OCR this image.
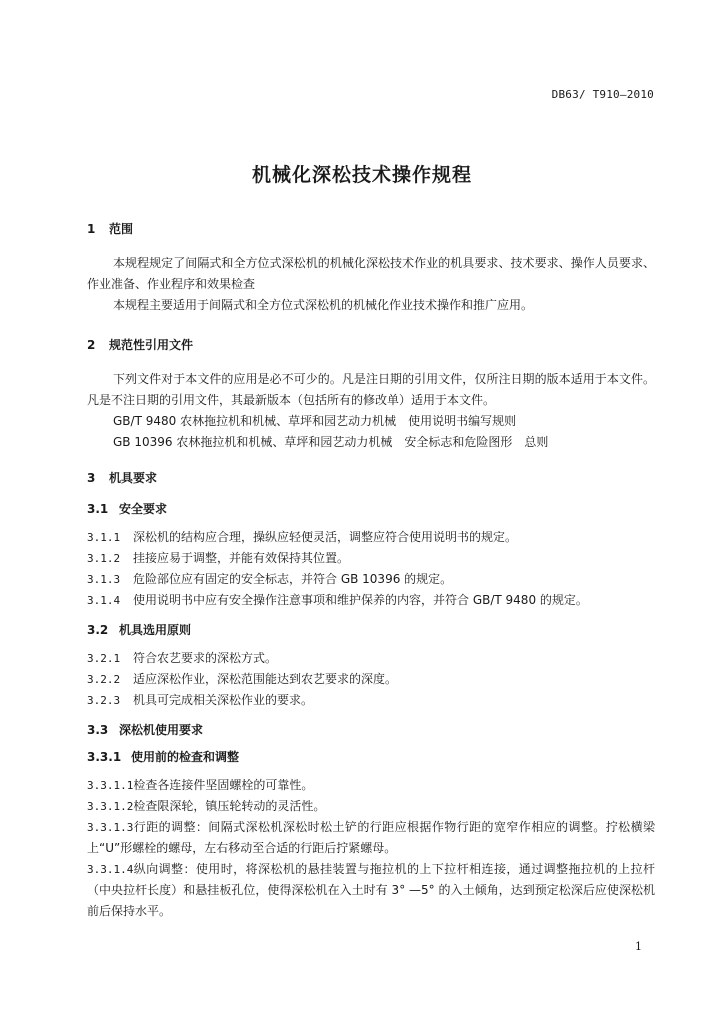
DB63/ T910—2010
机械化深松技术操作规程
1 范围

本规程规定了间隔式和全方位式深松机的机械化深松技术作业的机具要求、技术要求、操作人员要求、作业准备、作业程序和效果检查

本规程主要适用于间隔式和全方位式深松机的机械化作业技术操作和推广应用。

2 规范性引用文件

下列文件对于本文件的应用是必不可少的。凡是注日期的引用文件，仅所注日期的版本适用于本文件。凡是不注日期的引用文件，其最新版本（包括所有的修改单）适用于本文件。

GB/T 9480 农林拖拉机和机械、草坪和园艺动力机械　使用说明书编写规则
GB 10396 农林拖拉机和机械、草坪和园艺动力机械　安全标志和危险图形　总则
3 机具要求
3.1 安全要求

3.1.1 深松机的结构应合理，操纵应轻便灵活，调整应符合使用说明书的规定。

3.1.2 挂接应易于调整，并能有效保持其位置。

3.1.3 危险部位应有固定的安全标志，并符合 GB 10396 的规定。

3.1.4 使用说明书中应有安全操作注意事项和维护保养的内容，并符合 GB/T 9480 的规定。

3.2 机具选用原则

3.2.1 符合农艺要求的深松方式。

3.2.2 适应深松作业，深松范围能达到农艺要求的深度。

3.2.3 机具可完成相关深松作业的要求。

3.3 深松机使用要求
3.3.1 使用前的检查和调整

3.3.1.1检查各连接件坚固螺栓的可靠性。

3.3.1.2检查限深轮，镇压轮转动的灵活性。

3.3.1.3行距的调整：间隔式深松机深松时松土铲的行距应根据作物行距的宽窄作相应的调整。拧松横梁上“U”形螺栓的螺母，左右移动至合适的行距后拧紧螺母。

3.3.1.4纵向调整：使用时，将深松机的悬挂装置与拖拉机的上下拉杆相连接，通过调整拖拉机的上拉杆（中央拉杆长度）和悬挂板孔位，使得深松机在入土时有 3° —5° 的入土倾角，达到预定松深后应使深松机前后保持水平。

1
